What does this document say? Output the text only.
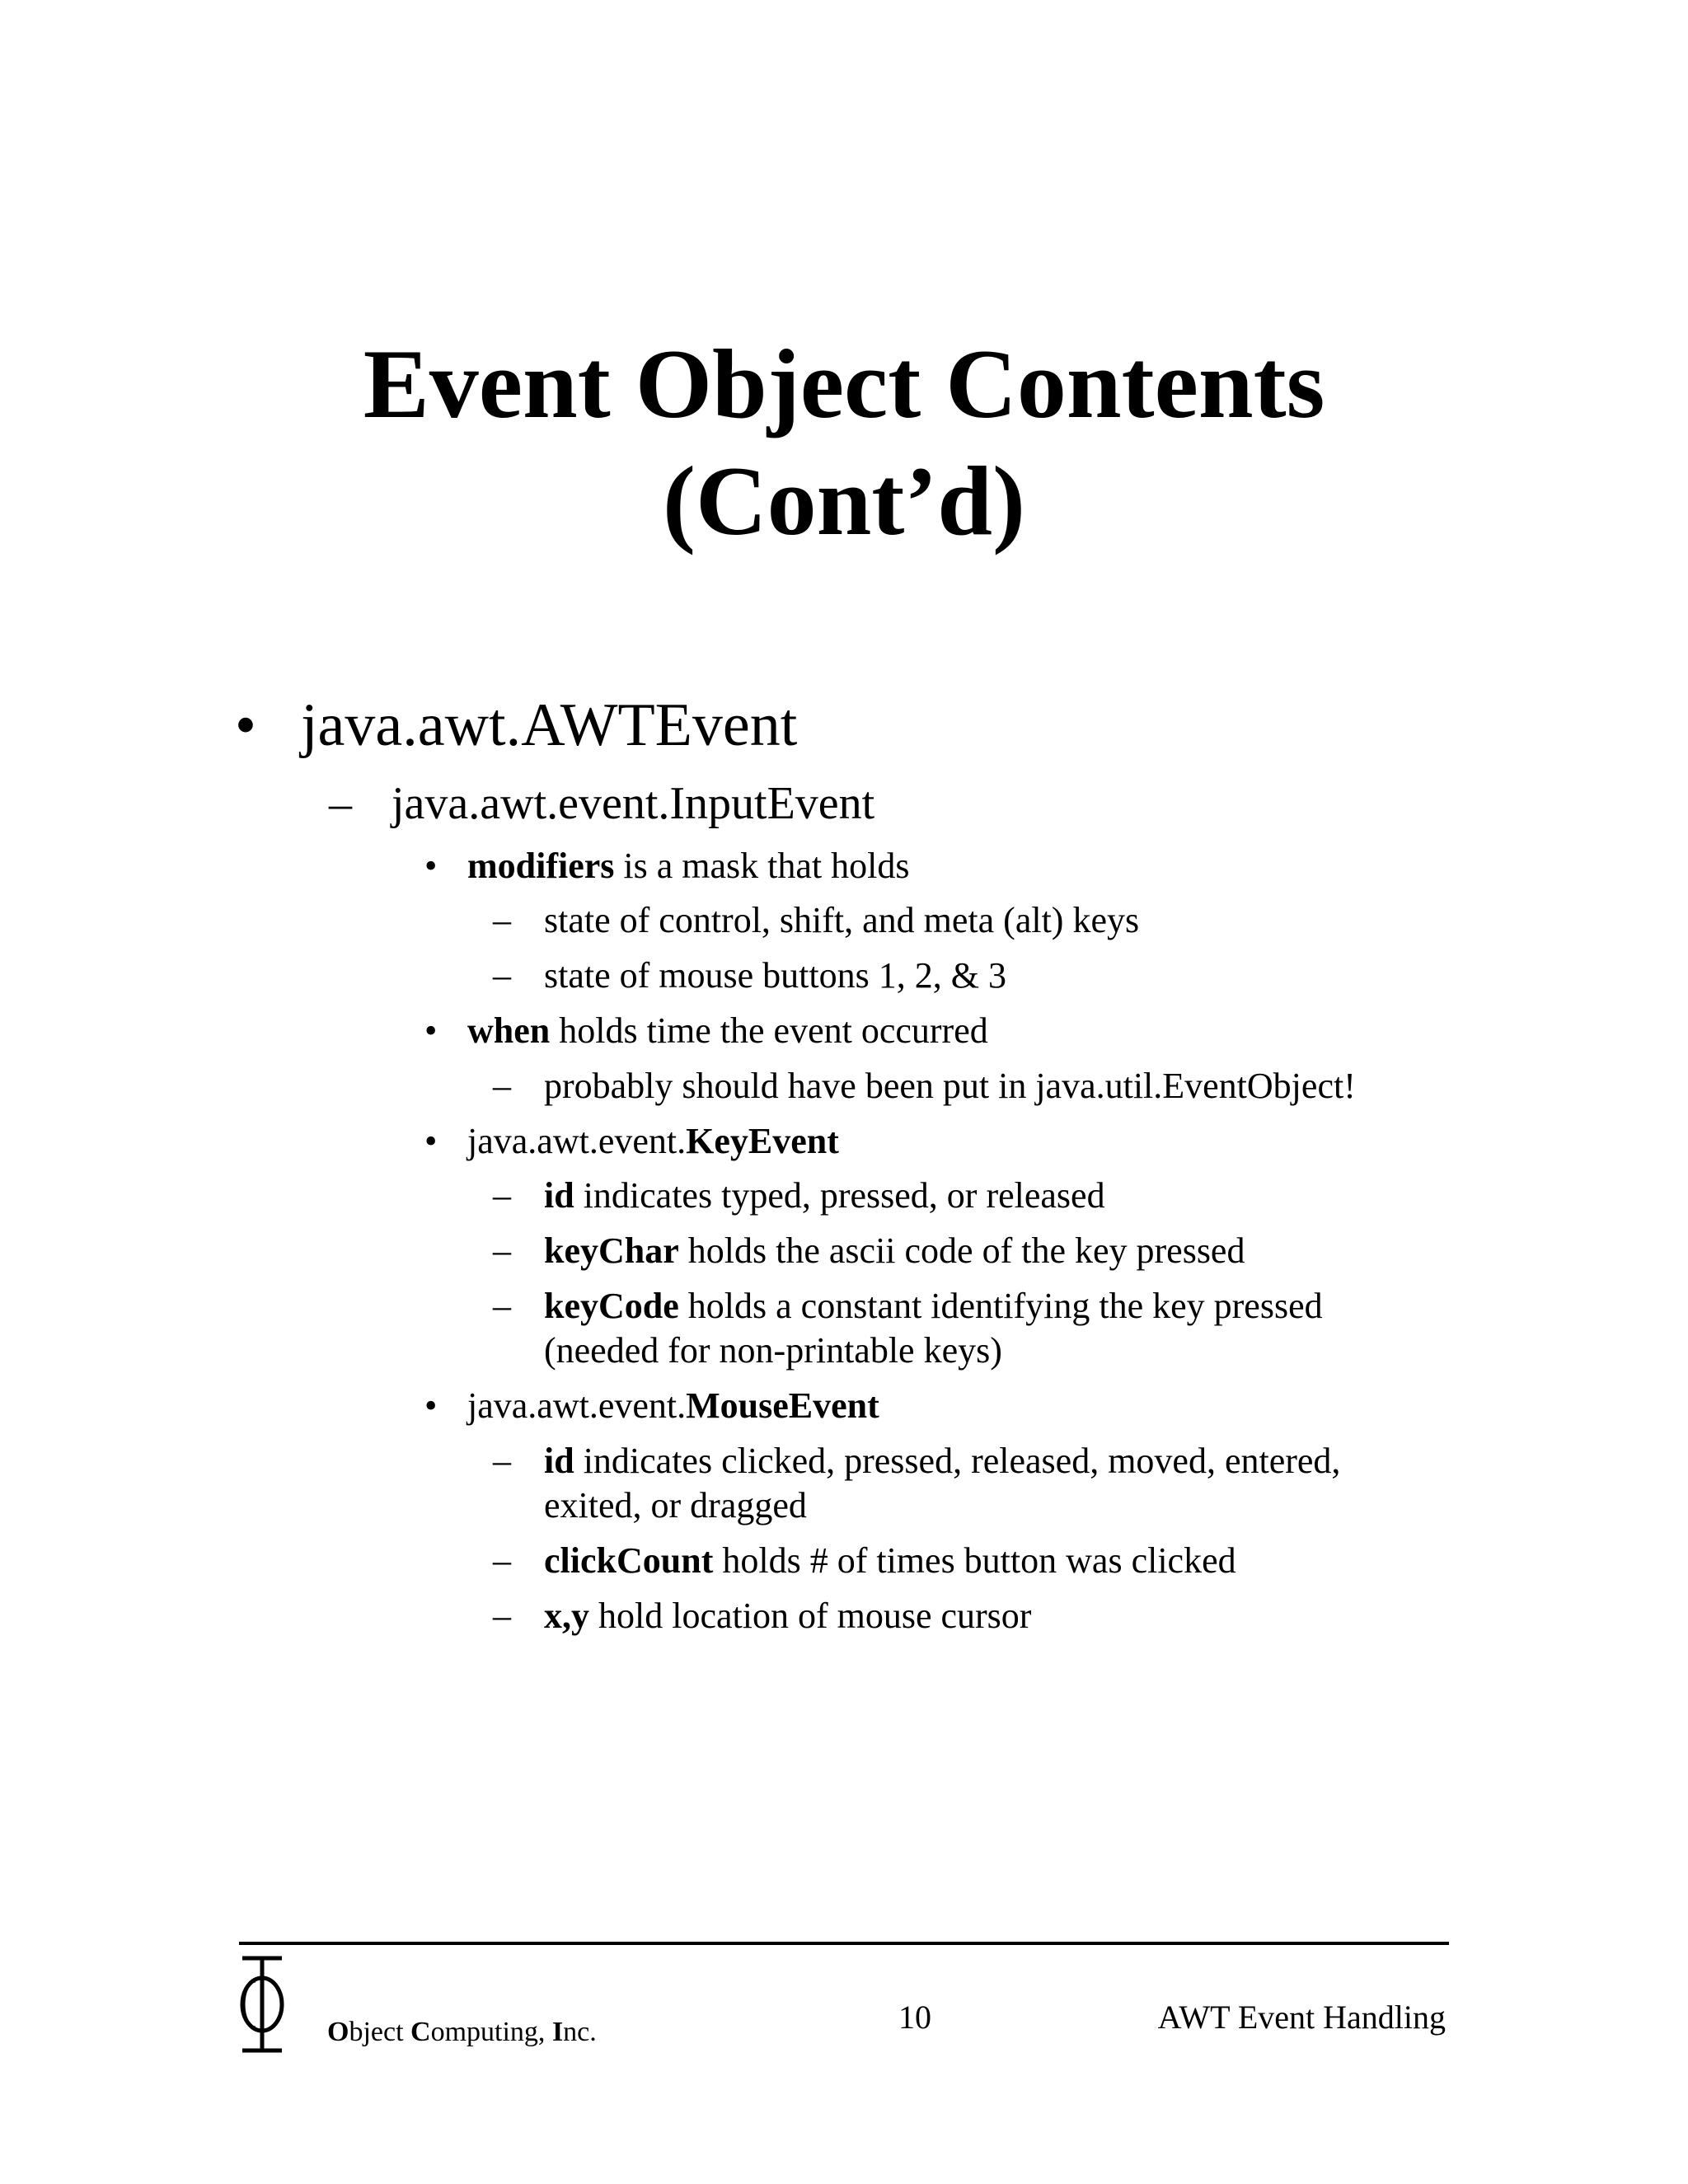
Event Object Contents
(Cont’d)
• java.awt.AWTEvent
– java.awt.event.InputEvent
• modifiers is a mask that holds
– state of control, shift, and meta (alt) keys
– state of mouse buttons 1, 2, & 3
• when holds time the event occurred
– probably should have been put in java.util.EventObject!
• java.awt.event.KeyEvent
– id indicates typed, pressed, or released
– keyChar holds the ascii code of the key pressed
– keyCode holds a constant identifying the key pressed
(needed for non-printable keys)
• java.awt.event.MouseEvent
– id indicates clicked, pressed, released, moved, entered,
exited, or dragged
– clickCount holds # of times button was clicked
– x,y hold location of mouse cursor
Object Computing, Inc.	10	AWT Event Handling
